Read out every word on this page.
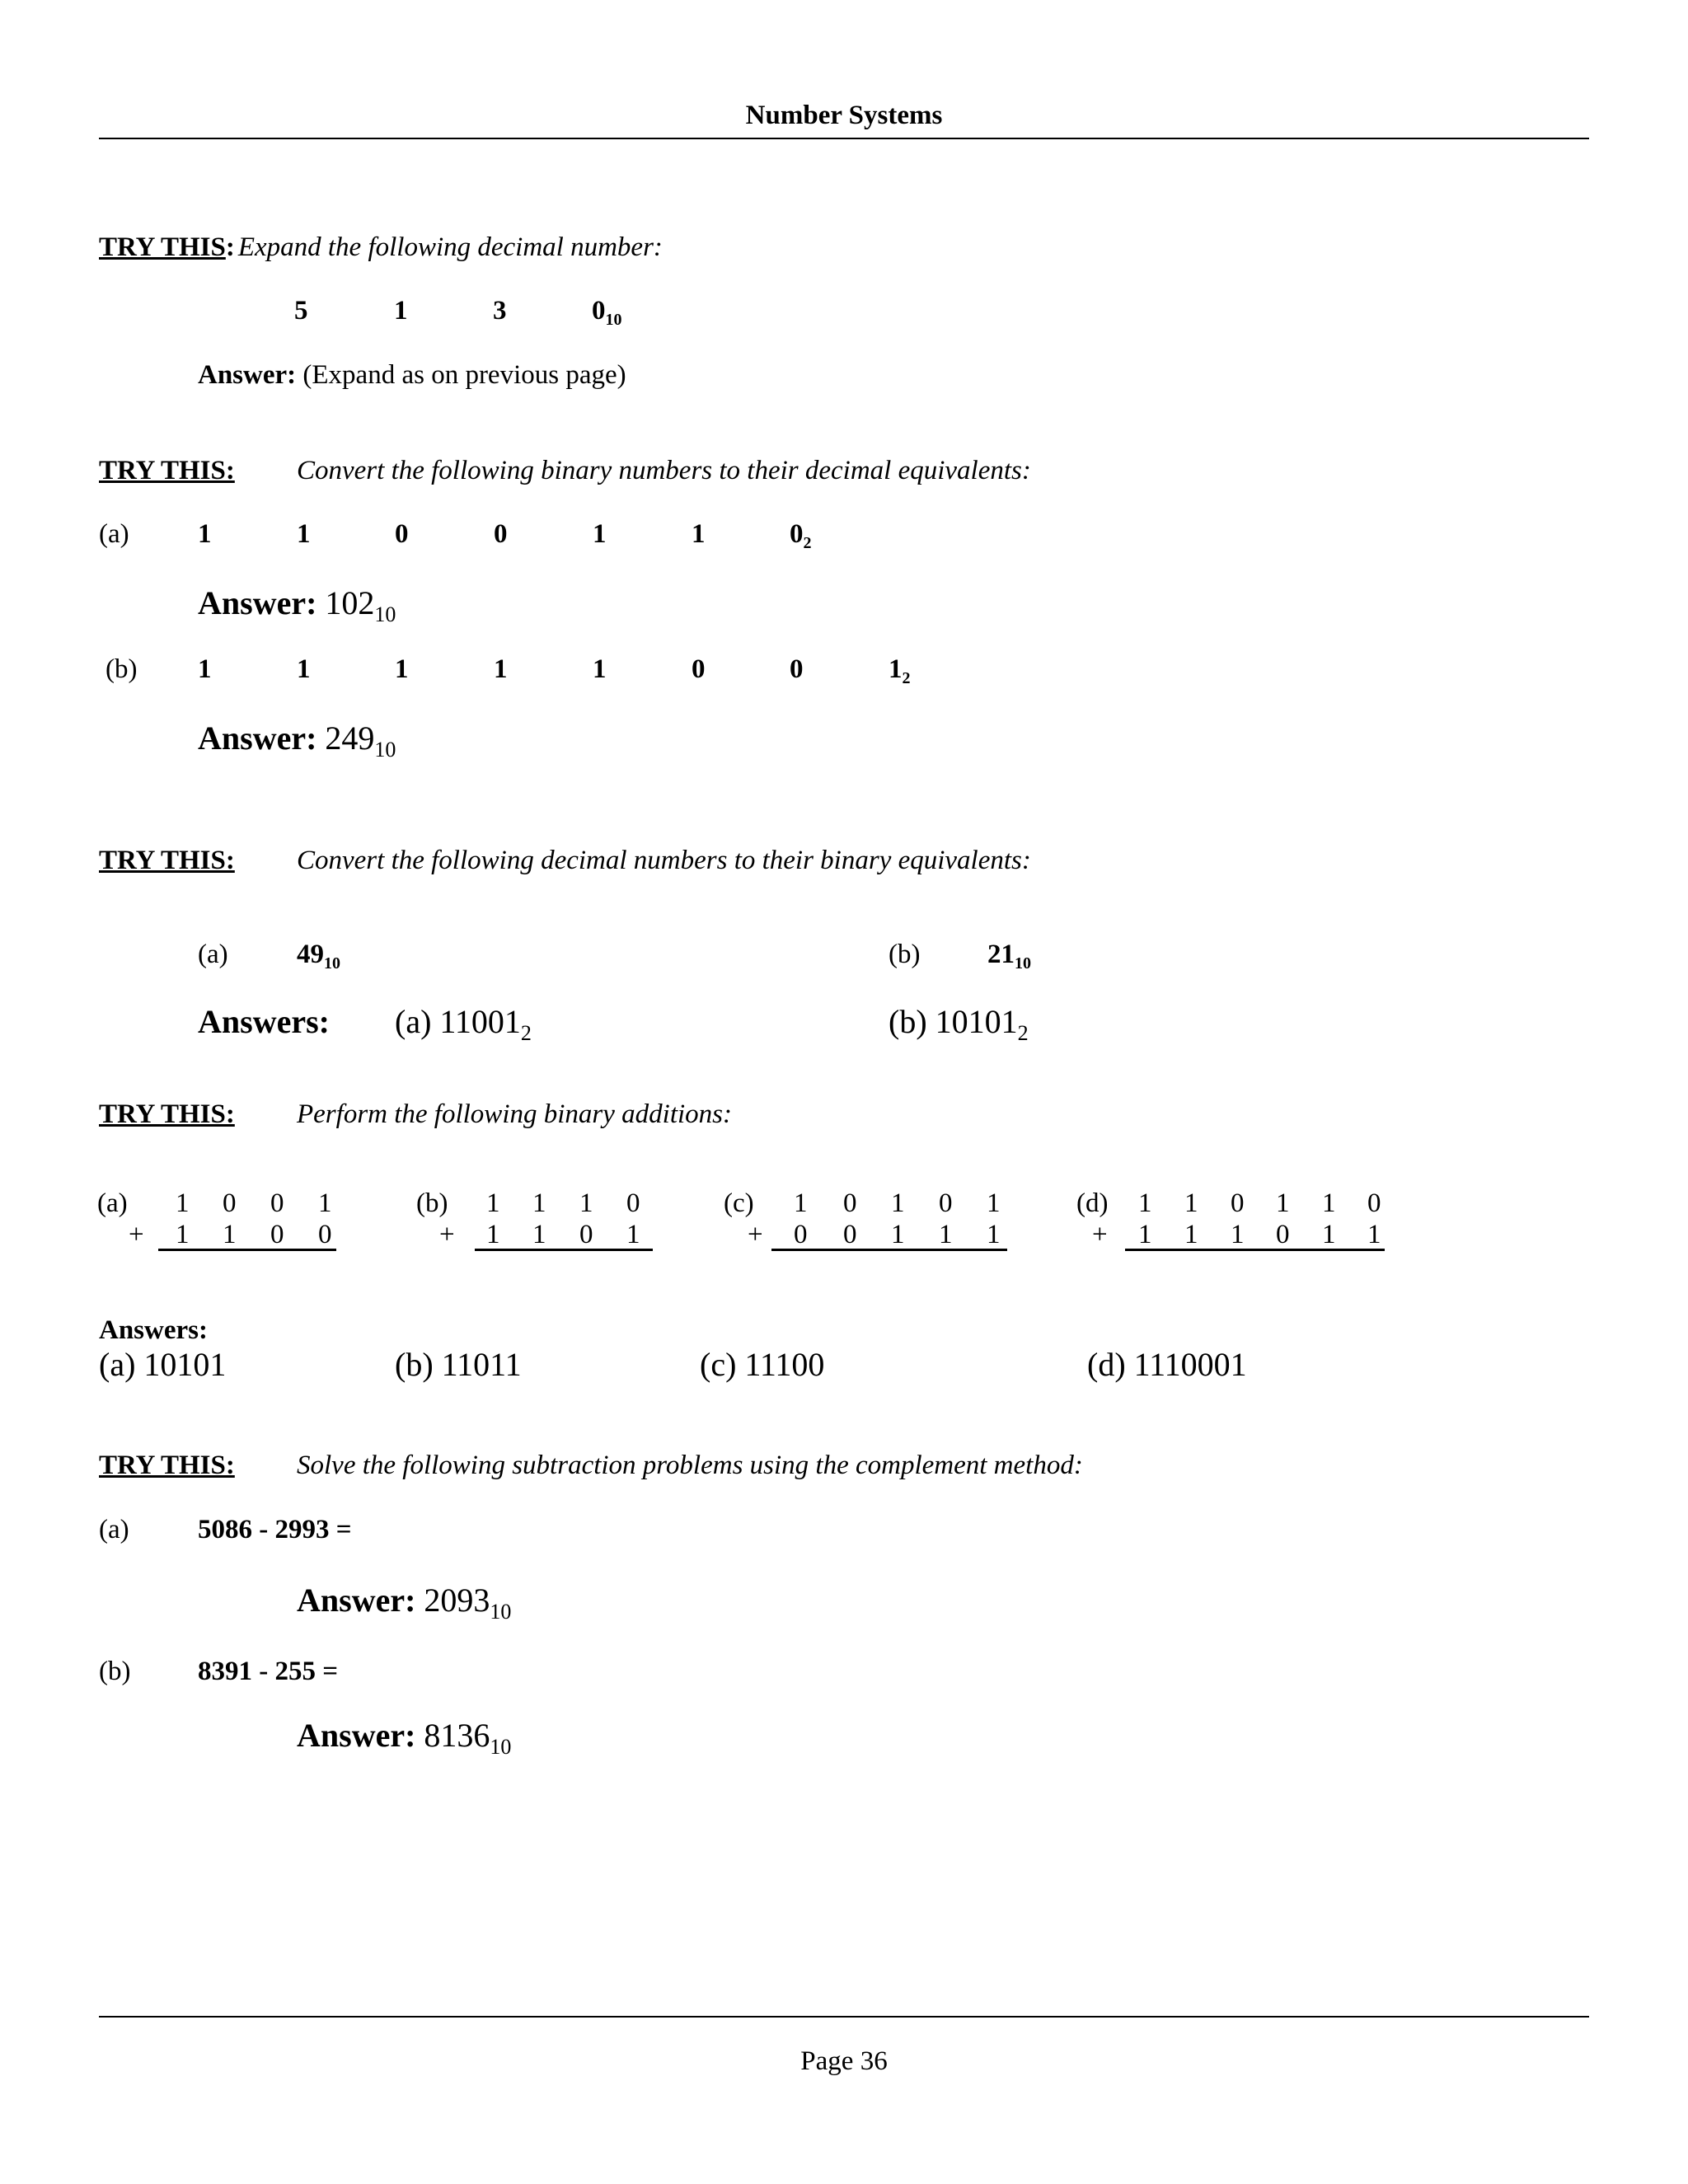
Number Systems
TRY THIS: Expand the following decimal number:
5	1	3	$0_{10}$
Answer: (Expand as on previous page)
TRY THIS: Convert the following binary numbers to their decimal equivalents:
(a)	1	1	0	0	1	1	$0_2$
Answer: $102_{10}$
(b) 1	1	1	1	1	0	0	$1_2$
Answer: $249_{10}$
TRY THIS: Convert the following decimal numbers to their binary equivalents:
(a)	$49_{10}$	(b) $21_{10}$
Answers: (a) $11001_2$	(b) $10101_2$
TRY THIS: Perform the following binary additions:
(a) 1 0 0 1
+ 1 1 0 0
(b) 1 1 1 0
+ 1 1 0 1
(c) 1 0 1 0 1
+ 0 0 1 1 1
(d) 1 1 0 1 1 0
+ 1 1 1 0 1 1
Answers:
(a) 10101	(b) 11011	(c) 11100	(d) 1110001
TRY THIS: Solve the following subtraction problems using the complement method:
(a)	5086 - 2993 =
Answer: $2093_{10}$
(b) 8391 - 255 =
Answer: $8136_{10}$
Page 36
